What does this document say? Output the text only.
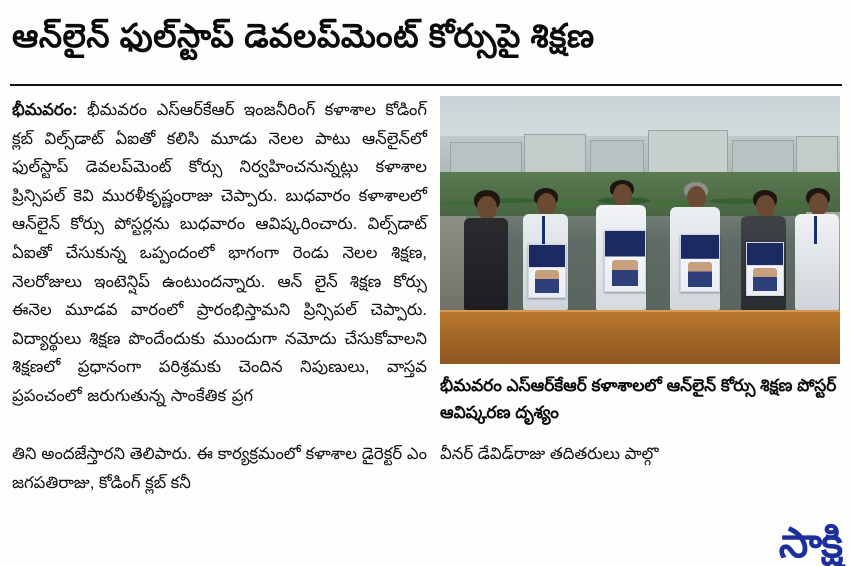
ఆన్‌లైన్ ఫుల్‌స్టాప్ డెవలప్‌మెంట్ కోర్సుపై శిక్షణ
భీమవరం: భీమవరం ఎస్‌ఆర్‌కేఆర్ ఇంజనీరింగ్ కళాశాల కోడింగ్ క్లబ్ విల్స్‌డాట్ ఏఐతో కలిసి మూడు నెలల పాటు ఆన్‌లైన్‌లో ఫుల్‌స్టాప్ డెవలప్‌మెంట్ కోర్సు నిర్వహించనున్నట్లు కళాశాల ప్రిన్సిపల్ కెవి మురళీకృష్ణంరాజు చెప్పారు. బుధవారం కళాశాలలో ఆన్‌లైన్ కోర్సు పోస్టర్లను బుధవారం ఆవిష్కరించారు. విల్స్‌డాట్ ఏఐతో చేసుకున్న ఒప్పందంలో భాగంగా రెండు నెలల శిక్షణ, నెలరోజులు ఇంటెన్షిప్ ఉంటుందన్నారు. ఆన్ లైన్ శిక్షణ కోర్సు ఈనెల మూడవ వారంలో ప్రారంభిస్తామని ప్రిన్సిపల్ చెప్పారు. విద్యార్థులు శిక్షణ పొందేందుకు ముందుగా నమోదు చేసుకోవాలని శిక్షణలో ప్రధానంగా పరిశ్రమకు చెందిన నిపుణులు, వాస్తవ ప్రపంచంలో జరుగుతున్న సాంకేతిక ప్రగ
భీమవరం ఎస్‌ఆర్‌కేఆర్ కళాశాలలో ఆన్‌లైన్ కోర్సు శిక్షణ పోస్టర్ ఆవిష్కరణ దృశ్యం
తిని అందజేస్తారని తెలిపారు. ఈ కార్యక్రమంలో కళాశాల డైరెక్టర్ ఎం జగపతిరాజు, కోడింగ్ క్లబ్ కనీ
వీనర్ డేవిడ్‌రాజు తదితరులు పాల్గొ
సాక్షి
